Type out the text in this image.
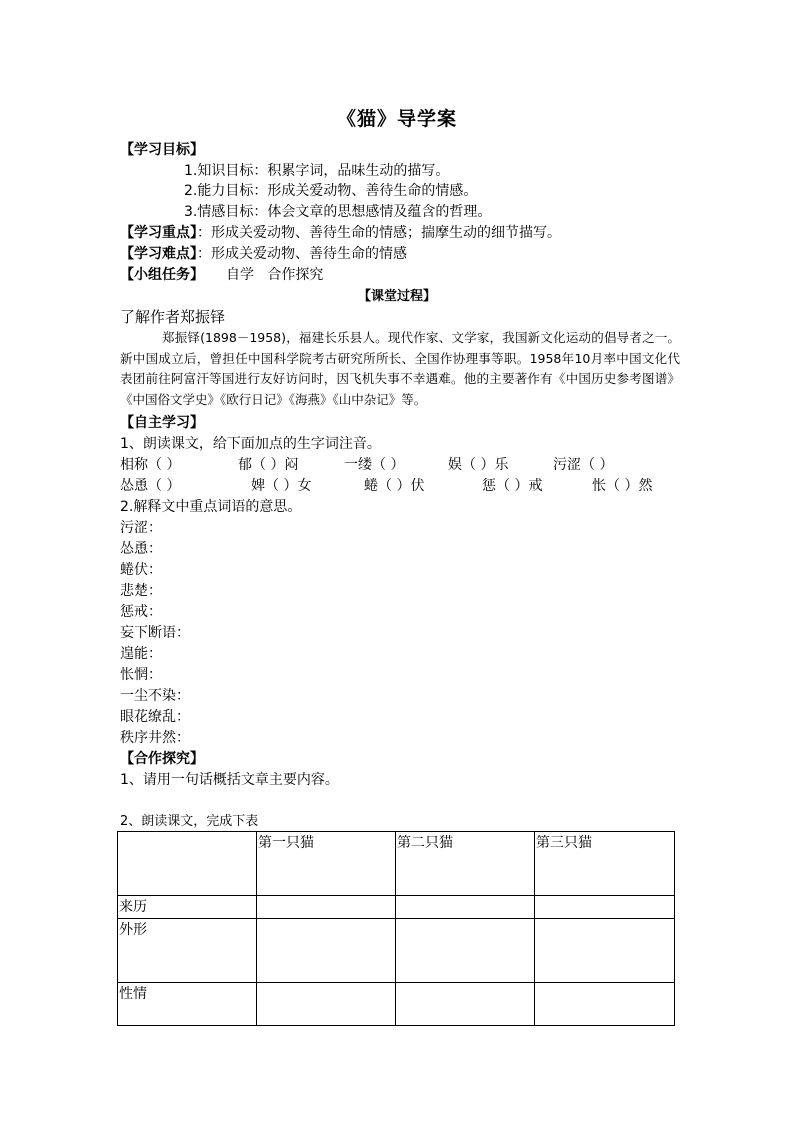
《猫》导学案
【学习目标】
1.知识目标：积累字词，品味生动的描写。
2.能力目标：形成关爱动物、善待生命的情感。
3.情感目标：体会文章的思想感情及蕴含的哲理。
【学习重点】：形成关爱动物、善待生命的情感；揣摩生动的细节描写。
【学习难点】：形成关爱动物、善待生命的情感
【小组任务】 自学   合作探究
【课堂过程】
了解作者郑振铎
郑振铎(1898－1958)，福建长乐县人。现代作家、文学家，我国新文化运动的倡导者之一。新中国成立后，曾担任中国科学院考古研究所所长、全国作协理事等职。1958年10月率中国文化代表团前往阿富汗等国进行友好访问时，因飞机失事不幸遇难。他的主要著作有《中国历史参考图谱》《中国俗文学史》《欧行日记》《海燕》《山中杂记》等。
【自主学习】
1、朗读课文，给下面加点的生字词注音。
相称（ ）	郁（ ）闷	一缕（ ）	娱（ ）乐	污涩（ ）
怂恿（ ）	婢（ ）女	蜷（ ）伏	惩（ ）戒	怅（ ）然
2.解释文中重点词语的意思。
污涩：
怂恿：
蜷伏：
悲楚：
惩戒：
妄下断语：
遑能：
怅惘：
一尘不染：
眼花缭乱：
秩序井然：
【合作探究】
1、请用一句话概括文章主要内容。
2、朗读课文，完成下表
	第一只猫	第二只猫	第三只猫
来历			
外形			
性情			
